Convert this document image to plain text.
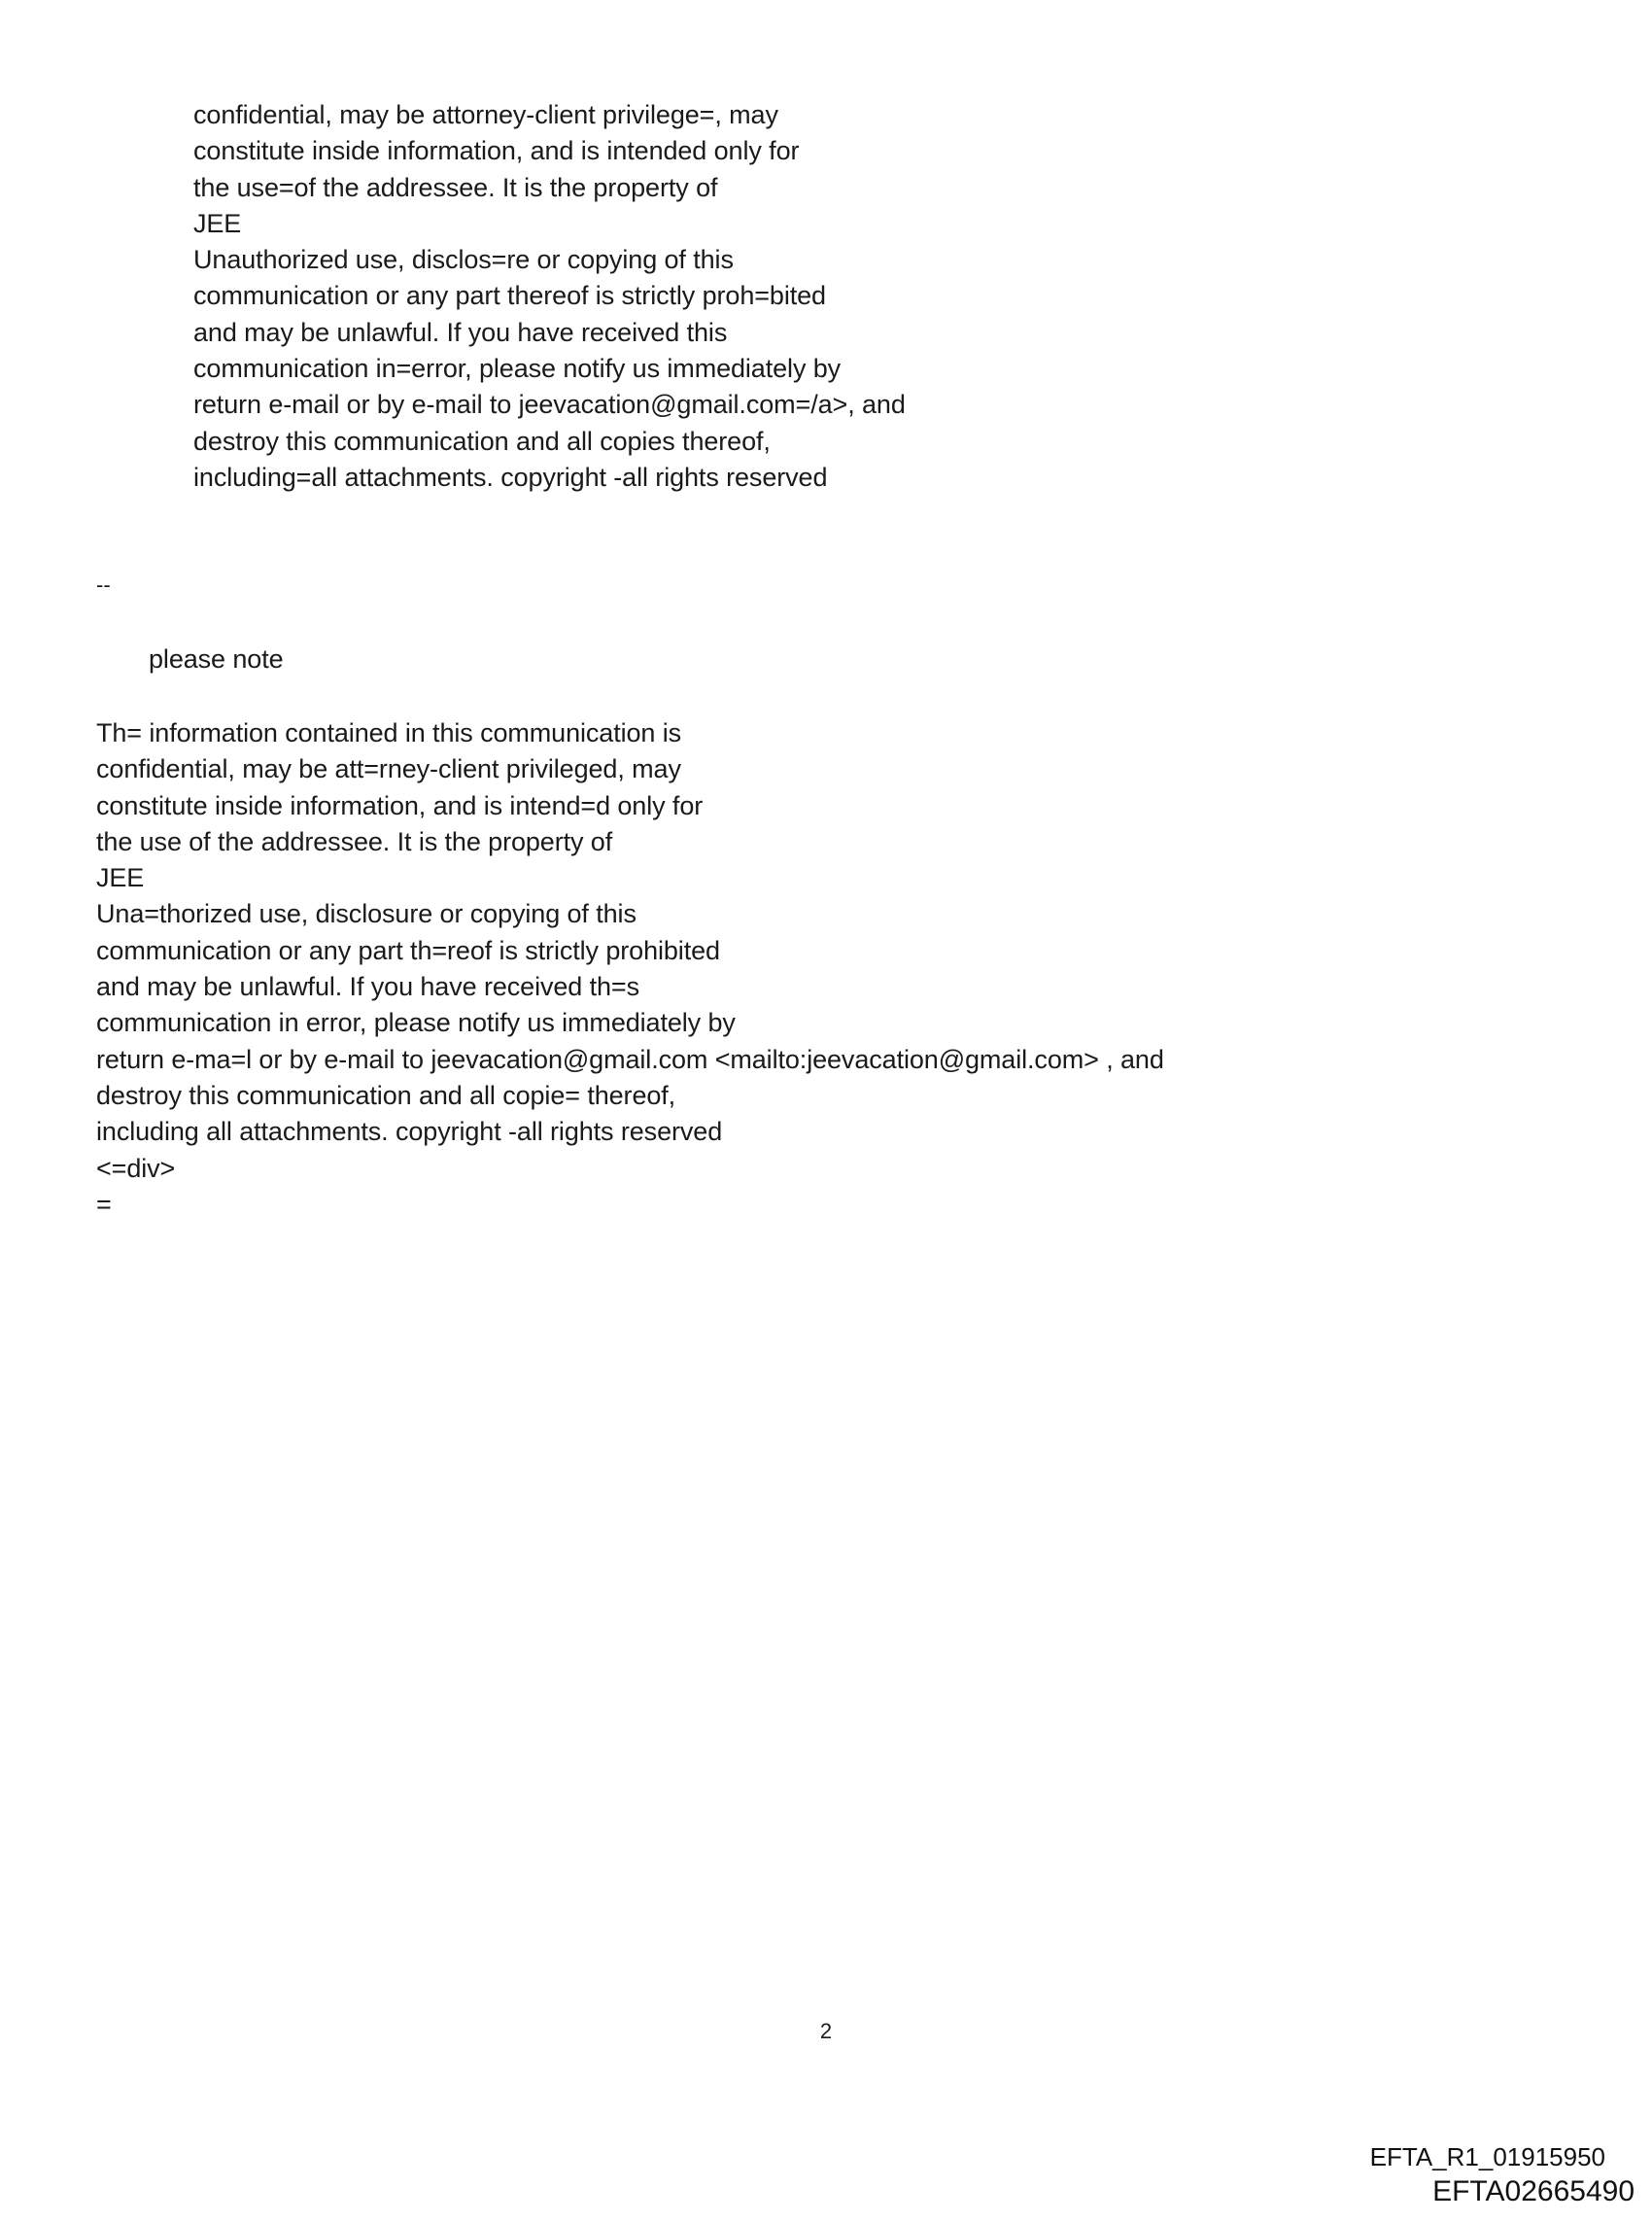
confidential, may be attorney-client privilege=, may
constitute inside information, and is intended only for
the use=of the addressee. It is the property of
JEE
Unauthorized use, disclos=re or copying of this
communication or any part thereof is strictly proh=bited
and may be unlawful. If you have received this
communication in=error, please notify us immediately by
return e-mail or by e-mail to jeevacation@gmail.com=/a>, and
destroy this communication and all copies thereof,
including=all attachments. copyright -all rights reserved
--
please note
Th= information contained in this communication is
confidential, may be att=rney-client privileged, may
constitute inside information, and is intend=d only for
the use of the addressee. It is the property of
JEE
Una=thorized use, disclosure or copying of this
communication or any part th=reof is strictly prohibited
and may be unlawful. If you have received th=s
communication in error, please notify us immediately by
return e-ma=l or by e-mail to jeevacation@gmail.com <mailto:jeevacation@gmail.com> , and
destroy this communication and all copie= thereof,
including all attachments. copyright -all rights reserved
<=div>
=
2
EFTA_R1_01915950
EFTA02665490
